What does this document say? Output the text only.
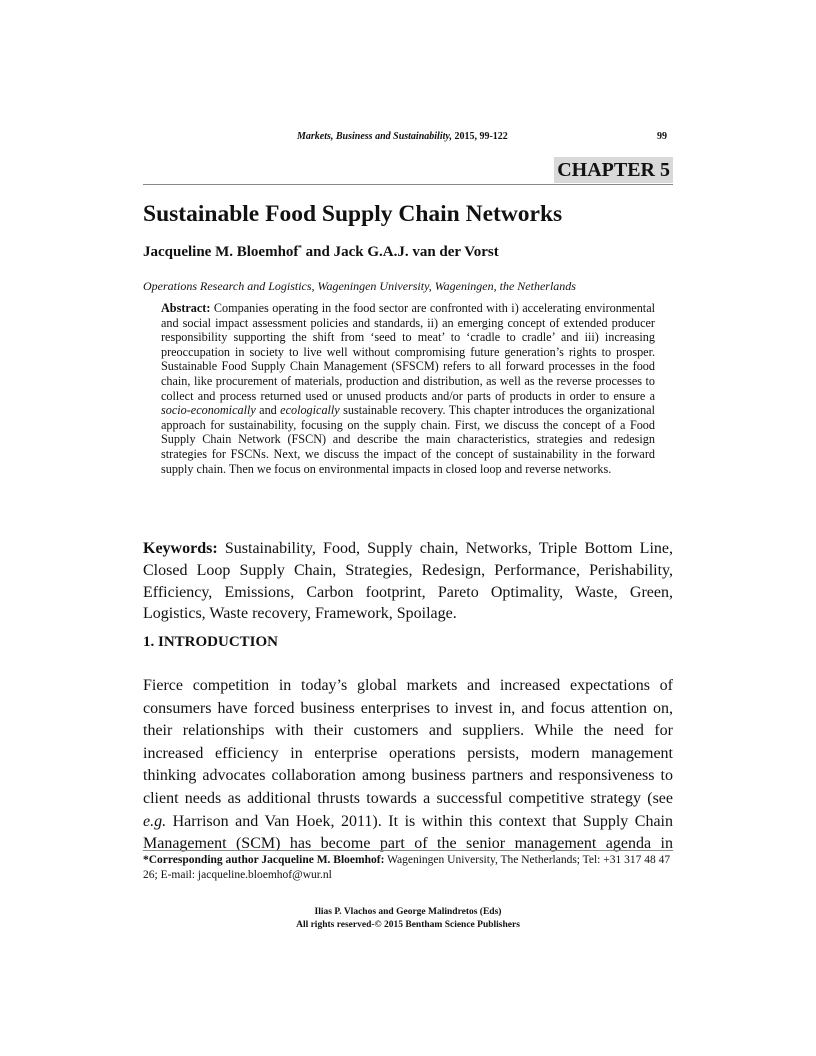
Markets, Business and Sustainability, 2015, 99-122	99
CHAPTER 5
Sustainable Food Supply Chain Networks
Jacqueline M. Bloemhof* and Jack G.A.J. van der Vorst
Operations Research and Logistics, Wageningen University, Wageningen, the Netherlands

Abstract: Companies operating in the food sector are confronted with i) accelerating environmental and social impact assessment policies and standards, ii) an emerging concept of extended producer responsibility supporting the shift from ‘seed to meat’ to ‘cradle to cradle’ and iii) increasing preoccupation in society to live well without compromising future generation’s rights to prosper. Sustainable Food Supply Chain Management (SFSCM) refers to all forward processes in the food chain, like procurement of materials, production and distribution, as well as the reverse processes to collect and process returned used or unused products and/or parts of products in order to ensure a socio-economically and ecologically sustainable recovery. This chapter introduces the organizational approach for sustainability, focusing on the supply chain. First, we discuss the concept of a Food Supply Chain Network (FSCN) and describe the main characteristics, strategies and redesign strategies for FSCNs. Next, we discuss the impact of the concept of sustainability in the forward supply chain. Then we focus on environmental impacts in closed loop and reverse networks.

Keywords: Sustainability, Food, Supply chain, Networks, Triple Bottom Line, Closed Loop Supply Chain, Strategies, Redesign, Performance, Perishability, Efficiency, Emissions, Carbon footprint, Pareto Optimality, Waste, Green, Logistics, Waste recovery, Framework, Spoilage.

1. INTRODUCTION

Fierce competition in today’s global markets and increased expectations of consumers have forced business enterprises to invest in, and focus attention on, their relationships with their customers and suppliers. While the need for increased efficiency in enterprise operations persists, modern management thinking advocates collaboration among business partners and responsiveness to client needs as additional thrusts towards a successful competitive strategy (see e.g. Harrison and Van Hoek, 2011). It is within this context that Supply Chain Management (SCM) has become part of the senior management agenda in

*Corresponding author Jacqueline M. Bloemhof: Wageningen University, The Netherlands; Tel: +31 317 48 47 26; E-mail: jacqueline.bloemhof@wur.nl

Ilias P. Vlachos and George Malindretos (Eds)
All rights reserved-© 2015 Bentham Science Publishers
